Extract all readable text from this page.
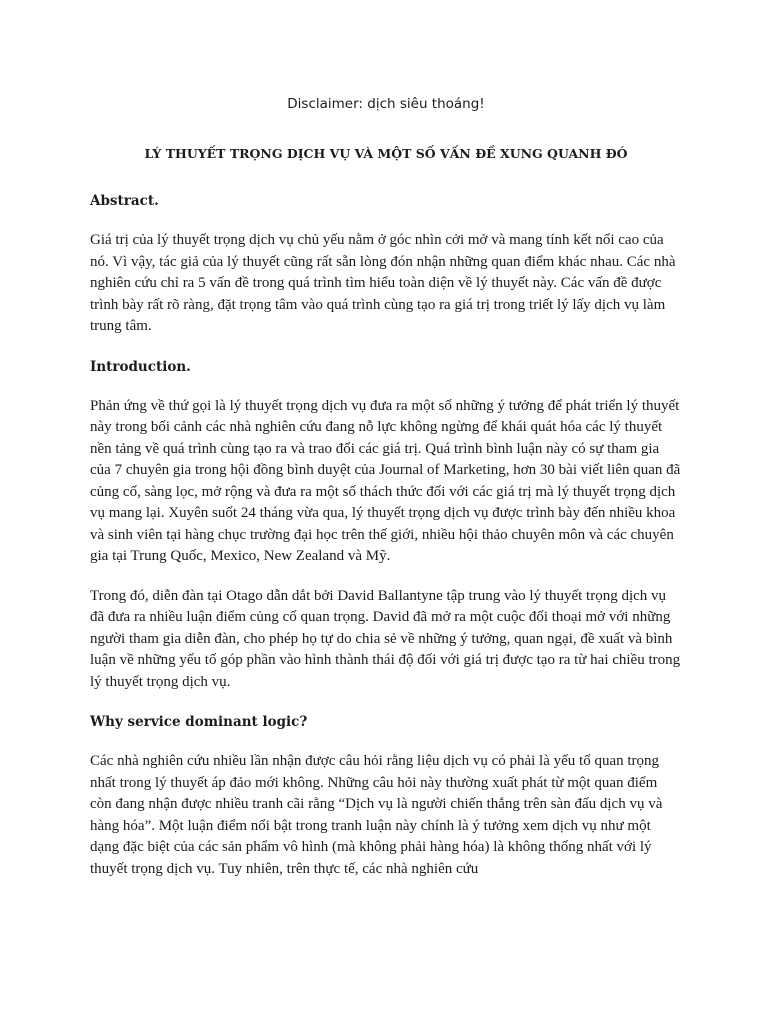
Disclaimer: dịch siêu thoáng!

LÝ THUYẾT TRỌNG DỊCH VỤ VÀ MỘT SỐ VẤN ĐỀ XUNG QUANH ĐÓ

Abstract.

Giá trị của lý thuyết trọng dịch vụ chủ yếu nằm ở góc nhìn cởi mở và mang tính kết nối cao của nó. Vì vậy, tác giả của lý thuyết cũng rất sẵn lòng đón nhận những quan điểm khác nhau. Các nhà nghiên cứu chỉ ra 5 vấn đề trong quá trình tìm hiểu toàn diện về lý thuyết này. Các vấn đề được trình bày rất rõ ràng, đặt trọng tâm vào quá trình cùng tạo ra giá trị trong triết lý lấy dịch vụ làm trung tâm.

Introduction.

Phản ứng về thứ gọi là lý thuyết trọng dịch vụ đưa ra một số những ý tưởng để phát triển lý thuyết này trong bối cảnh các nhà nghiên cứu đang nỗ lực không ngừng để khái quát hóa các lý thuyết nền tảng về quá trình cùng tạo ra và trao đổi các giá trị. Quá trình bình luận này có sự tham gia của 7 chuyên gia trong hội đồng bình duyệt của Journal of Marketing, hơn 30 bài viết liên quan đã củng cố, sàng lọc, mở rộng và đưa ra một số thách thức đối với các giá trị mà lý thuyết trọng dịch vụ mang lại. Xuyên suốt 24 tháng vừa qua, lý thuyết trọng dịch vụ được trình bày đến nhiều khoa và sinh viên tại hàng chục trường đại học trên thế giới, nhiều hội thảo chuyên môn và các chuyên gia tại Trung Quốc, Mexico, New Zealand và Mỹ.

Trong đó, diễn đàn tại Otago dẫn dắt bởi David Ballantyne tập trung vào lý thuyết trọng dịch vụ đã đưa ra nhiều luận điểm củng cố quan trọng. David đã mở ra một cuộc đối thoại mở với những người tham gia diễn đàn, cho phép họ tự do chia sẻ về những ý tưởng, quan ngại, đề xuất và bình luận về những yếu tố góp phần vào hình thành thái độ đối với giá trị được tạo ra từ hai chiều trong lý thuyết trọng dịch vụ.

Why service dominant logic?

Các nhà nghiên cứu nhiều lần nhận được câu hỏi rằng liệu dịch vụ có phải là yếu tố quan trọng nhất trong lý thuyết áp đảo mới không. Những câu hỏi này thường xuất phát từ một quan điểm còn đang nhận được nhiều tranh cãi rằng “Dịch vụ là người chiến thắng trên sàn đấu dịch vụ và hàng hóa”. Một luận điểm nổi bật trong tranh luận này chính là ý tưởng xem dịch vụ như một dạng đặc biệt của các sản phẩm vô hình (mà không phải hàng hóa) là không thống nhất với lý thuyết trọng dịch vụ. Tuy nhiên, trên thực tế, các nhà nghiên cứu
